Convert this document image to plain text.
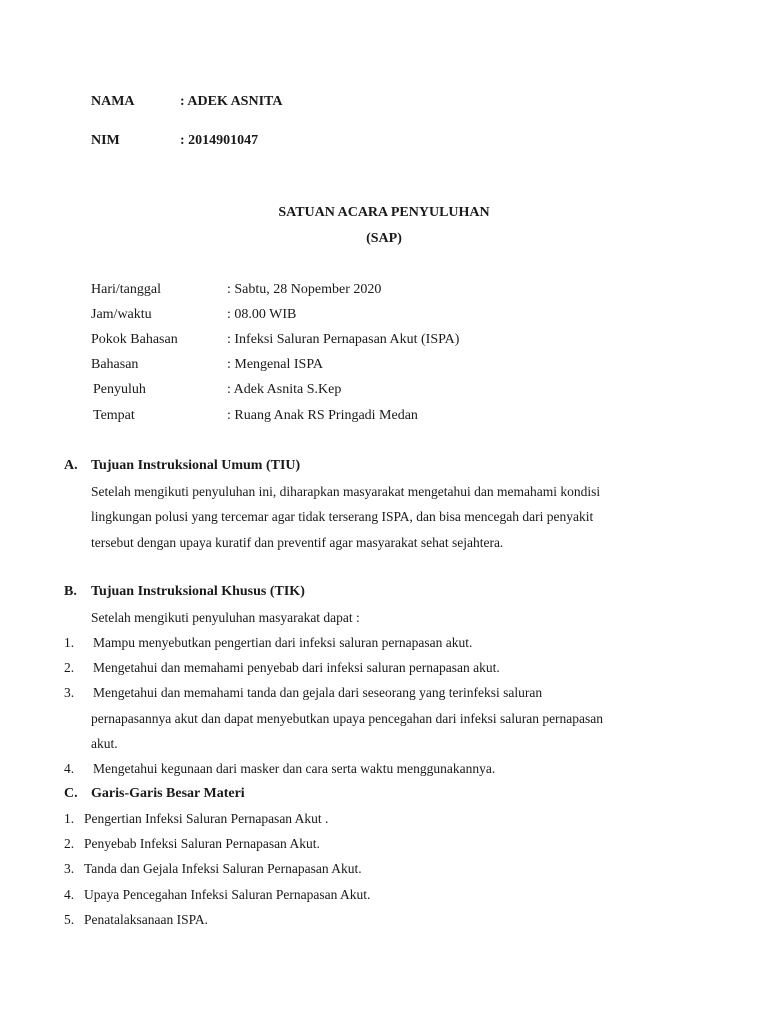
NAMA	: ADEK ASNITA
NIM	: 2014901047
SATUAN ACARA PENYULUHAN
(SAP)
Hari/tanggal	: Sabtu, 28 Nopember 2020
Jam/waktu	: 08.00 WIB
Pokok Bahasan	: Infeksi Saluran Pernapasan Akut (ISPA)
Bahasan	: Mengenal ISPA
Penyuluh	: Adek Asnita S.Kep
Tempat	: Ruang Anak RS Pringadi Medan
A. Tujuan Instruksional Umum (TIU)
Setelah mengikuti penyuluhan ini, diharapkan masyarakat mengetahui dan memahami kondisi
lingkungan polusi yang tercemar agar tidak terserang ISPA, dan bisa mencegah dari penyakit
tersebut dengan upaya kuratif dan preventif agar masyarakat sehat sejahtera.
B. Tujuan Instruksional Khusus (TIK)
Setelah mengikuti penyuluhan masyarakat dapat :
1. Mampu menyebutkan pengertian dari infeksi saluran pernapasan akut.
2. Mengetahui dan memahami penyebab dari infeksi saluran pernapasan akut.
3. Mengetahui dan memahami tanda dan gejala dari seseorang yang terinfeksi saluran
pernapasannya akut dan dapat menyebutkan upaya pencegahan dari infeksi saluran pernapasan
akut.
4. Mengetahui kegunaan dari masker dan cara serta waktu menggunakannya.
C. Garis-Garis Besar Materi
1. Pengertian Infeksi Saluran Pernapasan Akut .
2. Penyebab Infeksi Saluran Pernapasan Akut.
3. Tanda dan Gejala Infeksi Saluran Pernapasan Akut.
4. Upaya Pencegahan Infeksi Saluran Pernapasan Akut.
5. Penatalaksanaan ISPA.
